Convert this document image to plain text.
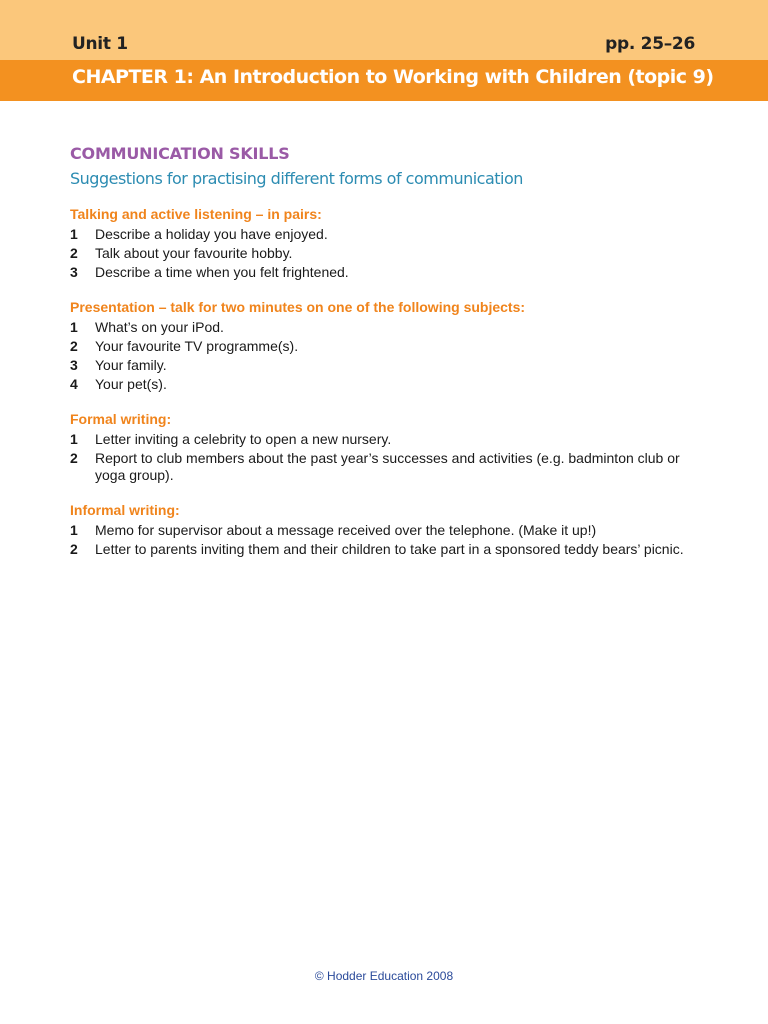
Unit 1	pp. 25–26
CHAPTER 1: An Introduction to Working with Children (topic 9)
COMMUNICATION SKILLS
Suggestions for practising different forms of communication
Talking and active listening – in pairs:
1	Describe a holiday you have enjoyed.
2	Talk about your favourite hobby.
3	Describe a time when you felt frightened.
Presentation – talk for two minutes on one of the following subjects:
1	What’s on your iPod.
2	Your favourite TV programme(s).
3	Your family.
4	Your pet(s).
Formal writing:
1	Letter inviting a celebrity to open a new nursery.
2	Report to club members about the past year’s successes and activities (e.g. badminton club or yoga group).
Informal writing:
1	Memo for supervisor about a message received over the telephone. (Make it up!)
2	Letter to parents inviting them and their children to take part in a sponsored teddy bears’ picnic.
© Hodder Education 2008
